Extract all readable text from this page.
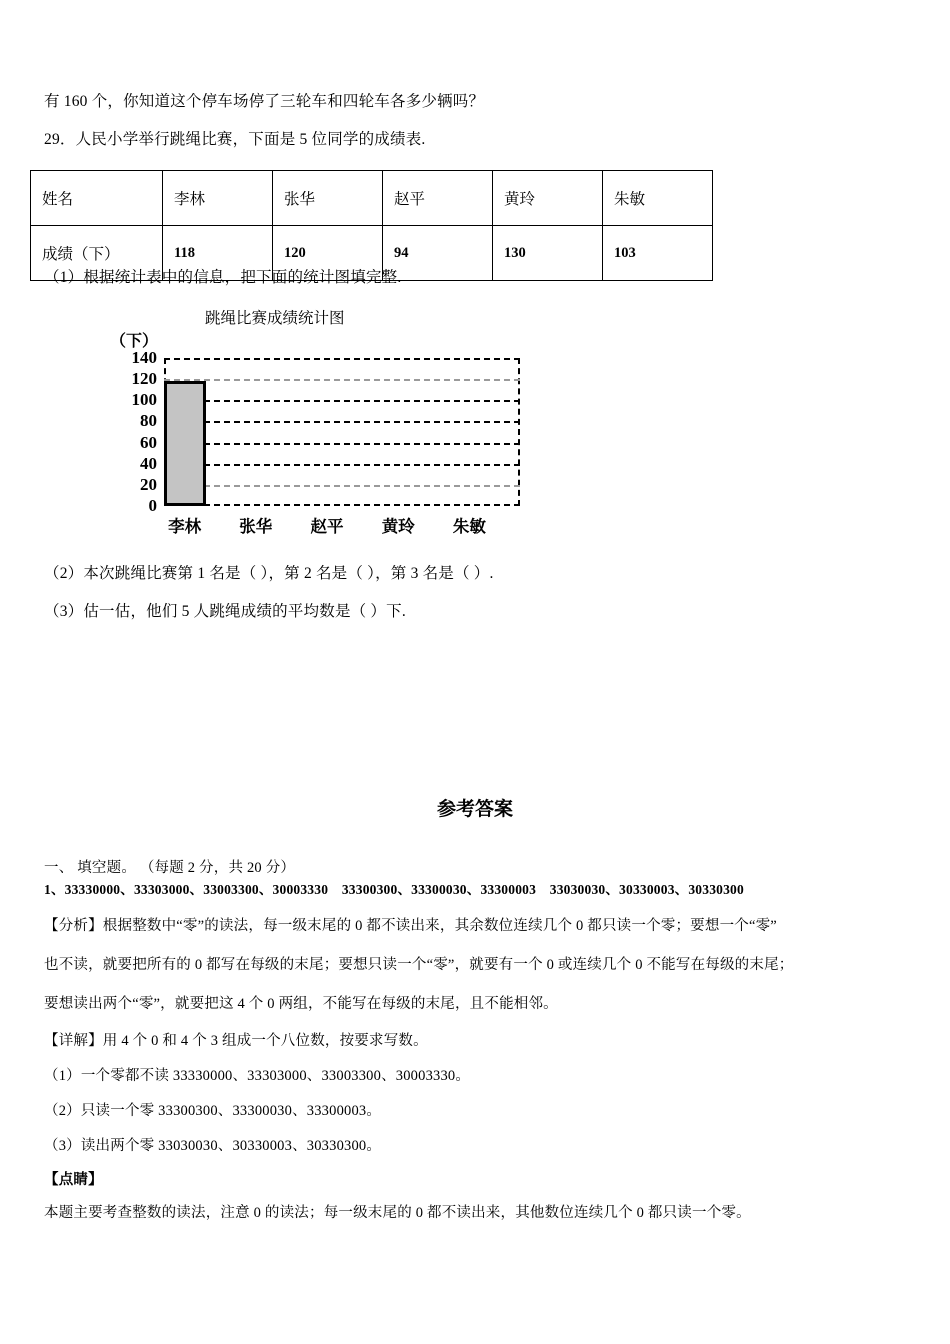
有 160 个，你知道这个停车场停了三轮车和四轮车各多少辆吗？
29．人民小学举行跳绳比赛，下面是 5 位同学的成绩表.
姓名	李林	张华	赵平	黄玲	朱敏
成绩（下）	118	120	94	130	103
（1）根据统计表中的信息，把下面的统计图填完整.
跳绳比赛成绩统计图
（下）
0
20
40
60
80
100
120
140
李林 张华 赵平 黄玲 朱敏
（2）本次跳绳比赛第 1 名是（ ），第 2 名是（ ），第 3 名是（ ）.
（3）估一估，他们 5 人跳绳成绩的平均数是（ ）下.
参考答案
一、 填空题。 （每题 2 分，共 20 分）
1、33330000、33303000、33003300、30003330　33300300、33300030、33300003　33030030、30330003、30330300
【分析】根据整数中“零”的读法，每一级末尾的 0 都不读出来，其余数位连续几个 0 都只读一个零；要想一个“零”
也不读，就要把所有的 0 都写在每级的末尾；要想只读一个“零”，就要有一个 0 或连续几个 0 不能写在每级的末尾；
要想读出两个“零”，就要把这 4 个 0 两组，不能写在每级的末尾，且不能相邻。
【详解】用 4 个 0 和 4 个 3 组成一个八位数，按要求写数。
（1）一个零都不读 33330000、33303000、33003300、30003330。
（2）只读一个零 33300300、33300030、33300003。
（3）读出两个零 33030030、30330003、30330300。
【点睛】
本题主要考查整数的读法，注意 0 的读法；每一级末尾的 0 都不读出来，其他数位连续几个 0 都只读一个零。
